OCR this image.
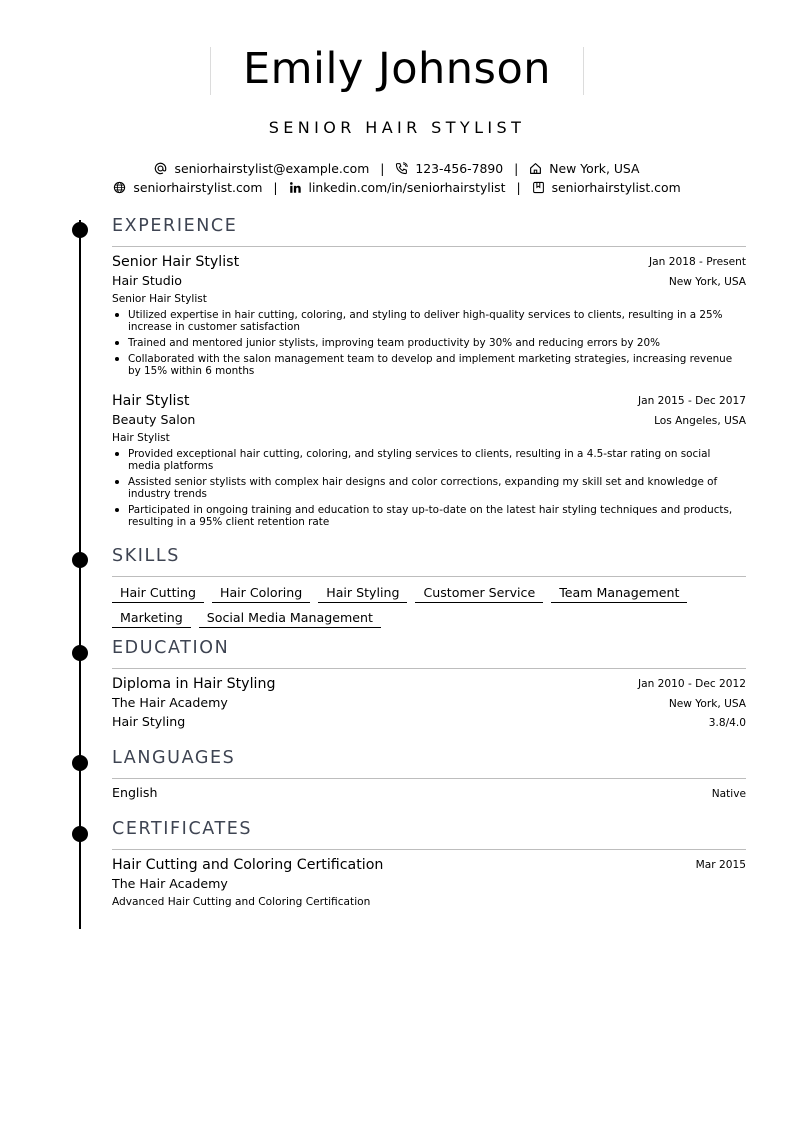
Emily Johnson
SENIOR HAIR STYLIST
seniorhairstylist@example.com | 123-456-7890 | New York, USA
seniorhairstylist.com | linkedin.com/in/seniorhairstylist | seniorhairstylist.com
EXPERIENCE
Senior Hair Stylist	Jan 2018 - Present
Hair Studio	New York, USA
Senior Hair Stylist
Utilized expertise in hair cutting, coloring, and styling to deliver high-quality services to clients, resulting in a 25% increase in customer satisfaction
Trained and mentored junior stylists, improving team productivity by 30% and reducing errors by 20%
Collaborated with the salon management team to develop and implement marketing strategies, increasing revenue by 15% within 6 months
Hair Stylist	Jan 2015 - Dec 2017
Beauty Salon	Los Angeles, USA
Hair Stylist
Provided exceptional hair cutting, coloring, and styling services to clients, resulting in a 4.5-star rating on social media platforms
Assisted senior stylists with complex hair designs and color corrections, expanding my skill set and knowledge of industry trends
Participated in ongoing training and education to stay up-to-date on the latest hair styling techniques and products, resulting in a 95% client retention rate
SKILLS
Hair Cutting Hair Coloring Hair Styling Customer Service Team Management
Marketing Social Media Management
EDUCATION
Diploma in Hair Styling	Jan 2010 - Dec 2012
The Hair Academy	New York, USA
Hair Styling	3.8/4.0
LANGUAGES
English	Native
CERTIFICATES
Hair Cutting and Coloring Certification	Mar 2015
The Hair Academy
Advanced Hair Cutting and Coloring Certification
